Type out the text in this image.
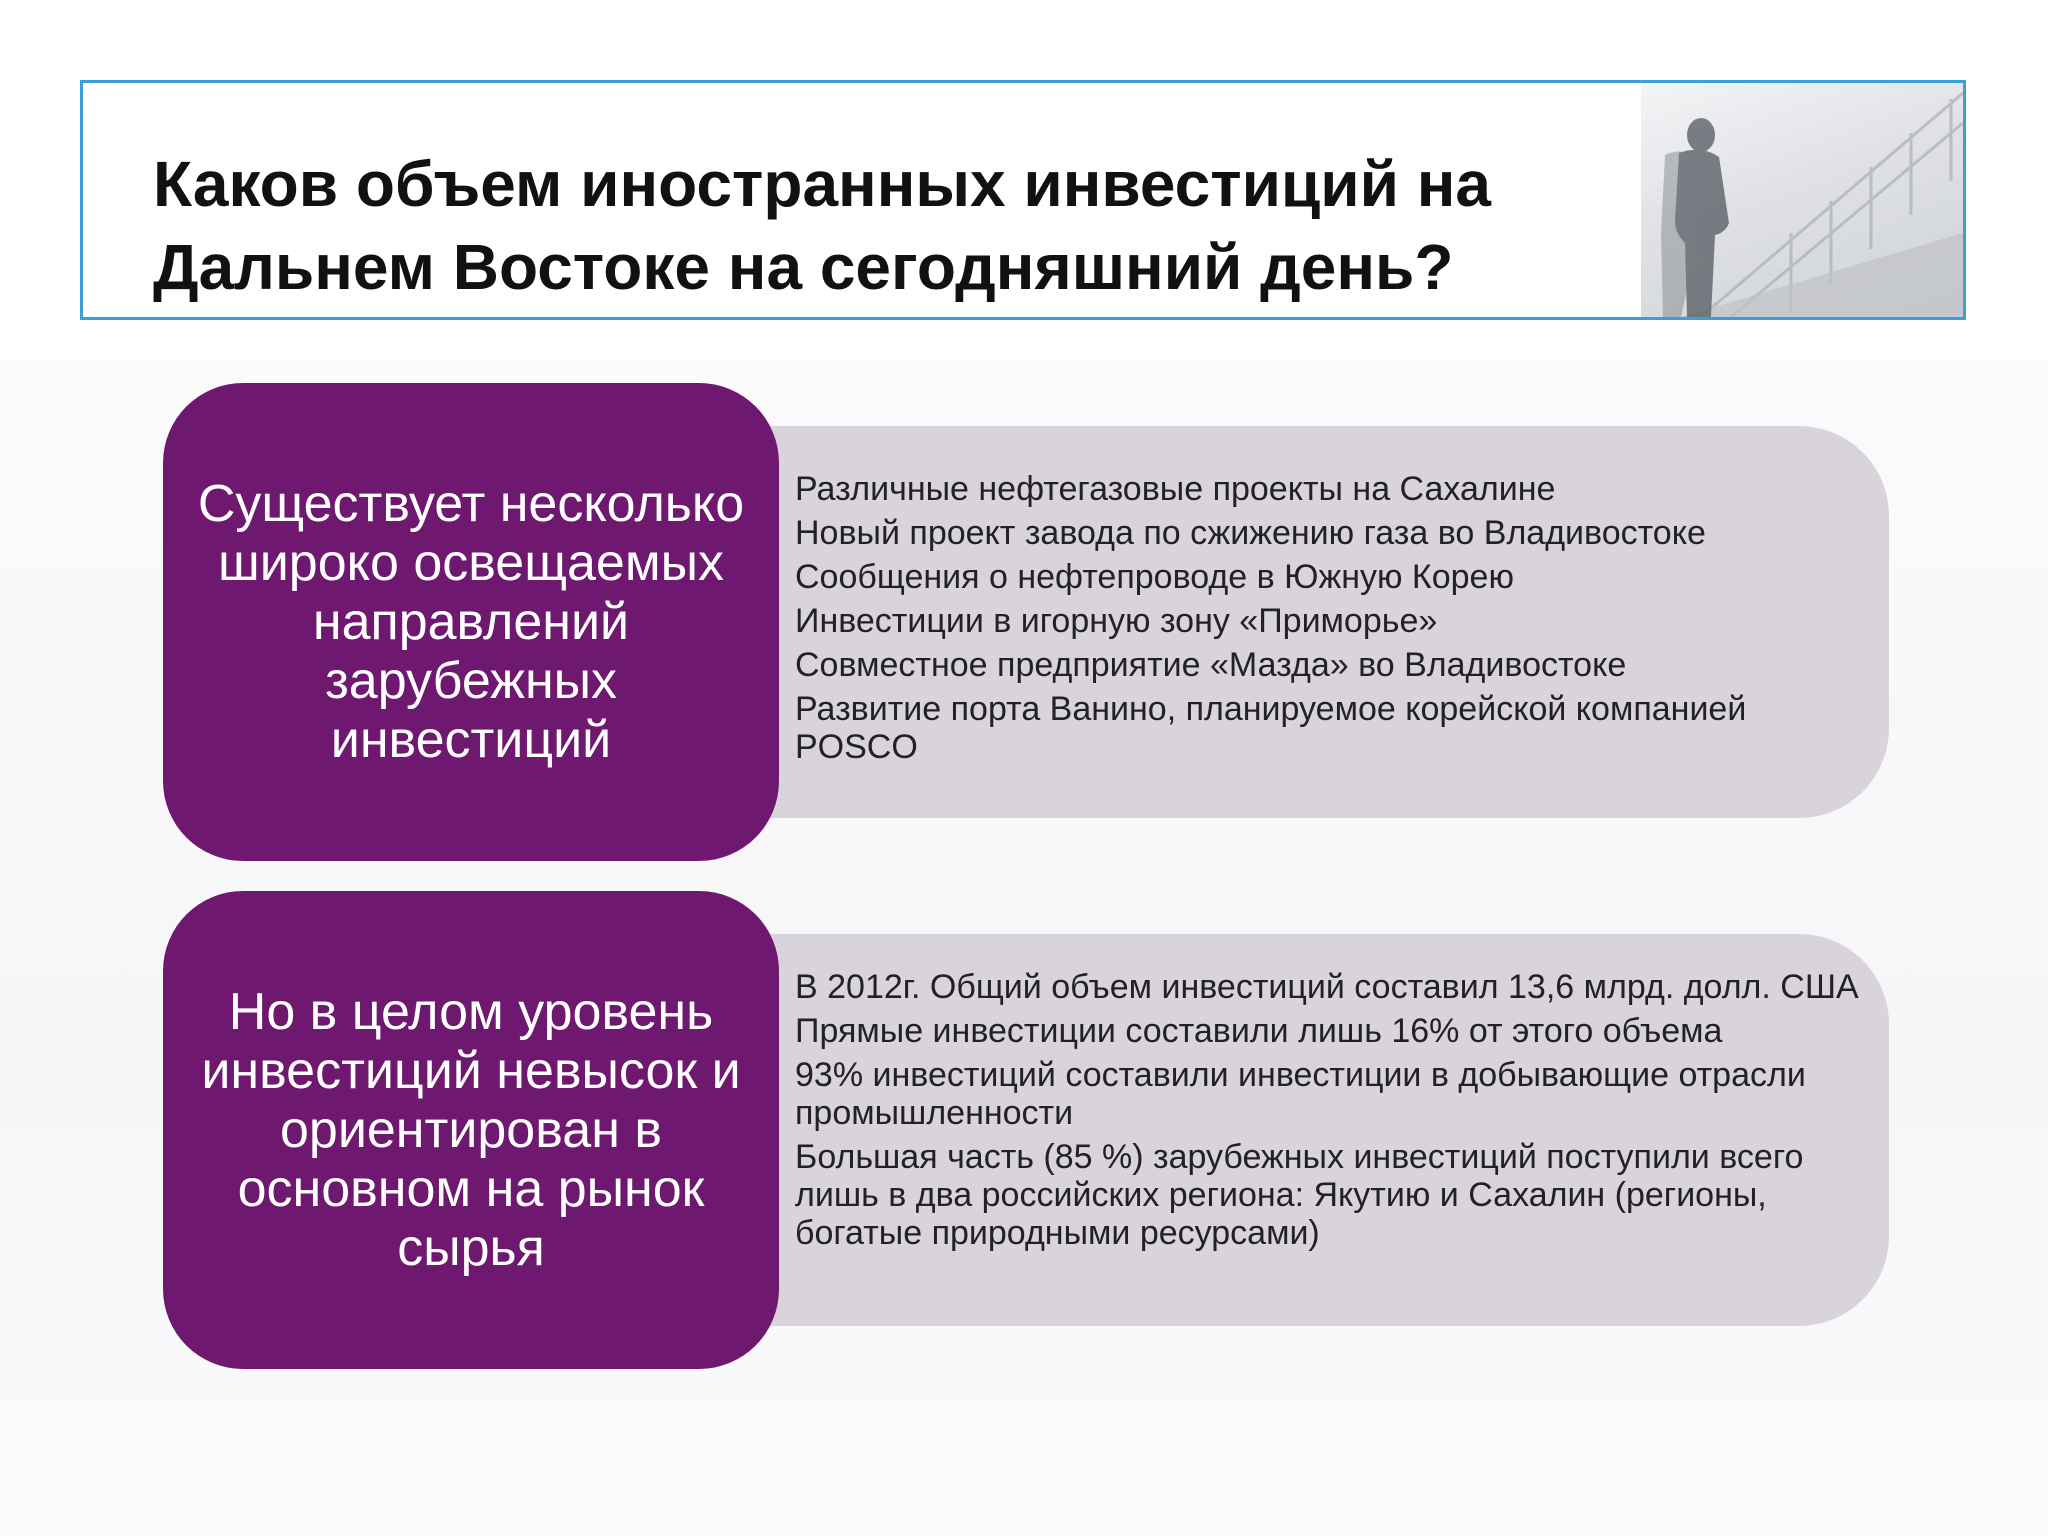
Каков объем иностранных инвестиций на Дальнем Востоке на сегодняшний день?
• Различные нефтегазовые проекты на Сахалине
• Новый проект завода по сжижению газа во Владивостоке
• Сообщения о нефтепроводе в Южную Корею
• Инвестиции в игорную зону «Приморье»
• Совместное предприятие «Мазда» во Владивостоке
• Развитие порта Ванино, планируемое корейской компанией POSCO

Существует несколько широко освещаемых направлений зарубежных инвестиций

• В 2012г. Общий объем инвестиций составил 13,6 млрд. долл. США
• Прямые инвестиции составили лишь 16% от этого объема
• 93% инвестиций составили инвестиции в добывающие отрасли промышленности
• Большая часть (85 %) зарубежных инвестиций поступили всего лишь в два российских региона: Якутию и Сахалин (регионы, богатые природными ресурсами)

Но в целом уровень инвестиций невысок и ориентирован в основном на рынок сырья
